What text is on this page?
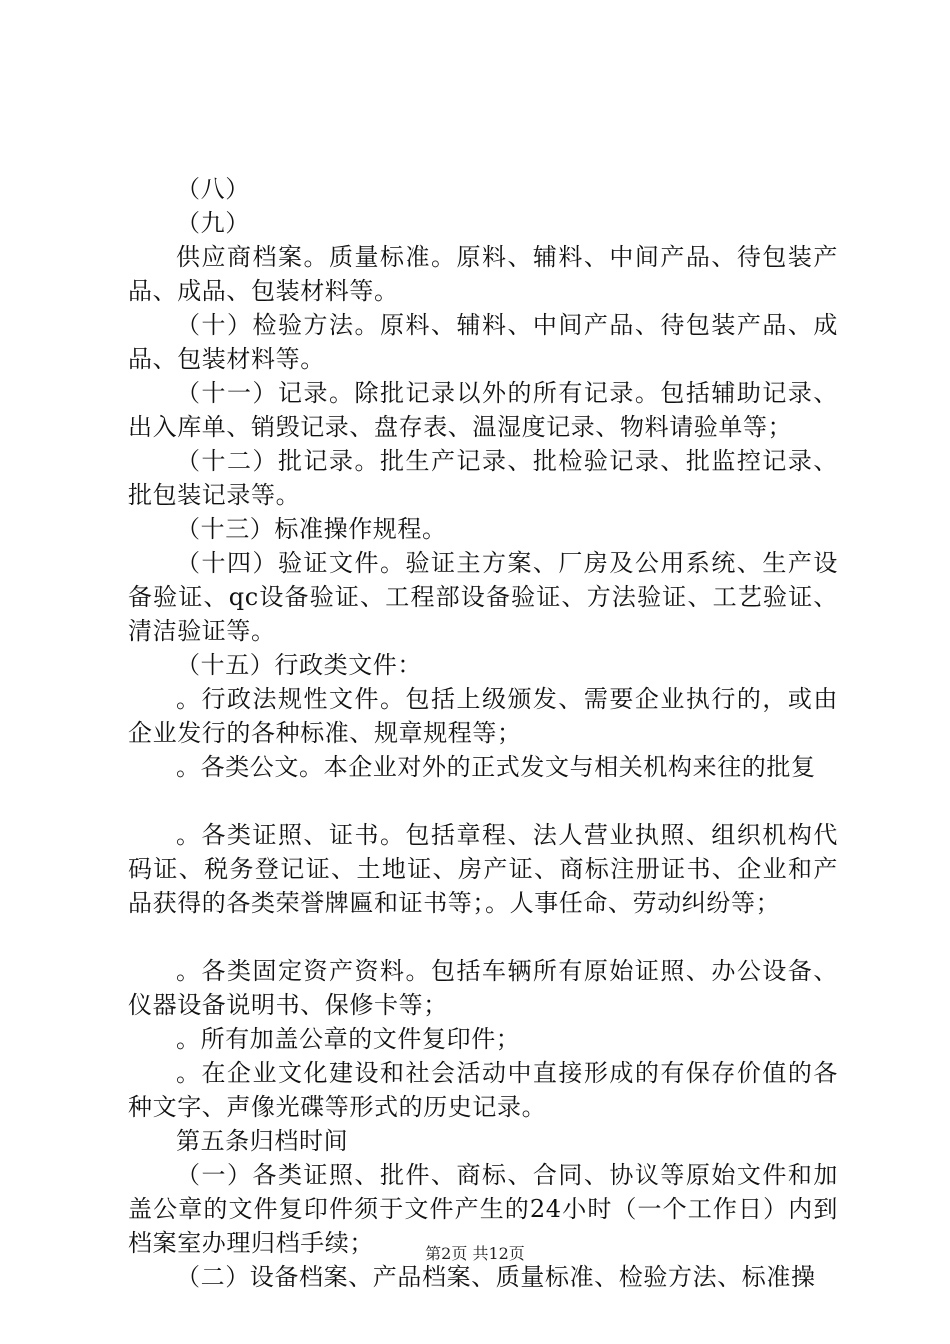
（八）

（九）

供应商档案。质量标准。原料、辅料、中间产品、待包装产品、成品、包装材料等。

（十）检验方法。原料、辅料、中间产品、待包装产品、成品、包装材料等。

（十一）记录。除批记录以外的所有记录。包括辅助记录、出入库单、销毁记录、盘存表、温湿度记录、物料请验单等；

（十二）批记录。批生产记录、批检验记录、批监控记录、批包装记录等。

（十三）标准操作规程。

（十四）验证文件。验证主方案、厂房及公用系统、生产设备验证、qc设备验证、工程部设备验证、方法验证、工艺验证、清洁验证等。

（十五）行政类文件：

。行政法规性文件。包括上级颁发、需要企业执行的，或由企业发行的各种标准、规章规程等；

。各类公文。本企业对外的正式发文与相关机构来往的批复

。各类证照、证书。包括章程、法人营业执照、组织机构代码证、税务登记证、土地证、房产证、商标注册证书、企业和产品获得的各类荣誉牌匾和证书等；。人事任命、劳动纠纷等；

。各类固定资产资料。包括车辆所有原始证照、办公设备、仪器设备说明书、保修卡等；

。所有加盖公章的文件复印件；

。在企业文化建设和社会活动中直接形成的有保存价值的各种文字、声像光碟等形式的历史记录。

第五条归档时间

（一）各类证照、批件、商标、合同、协议等原始文件和加盖公章的文件复印件须于文件产生的24小时（一个工作日）内到档案室办理归档手续；

（二）设备档案、产品档案、质量标准、检验方法、标准操

第2页 共12页
